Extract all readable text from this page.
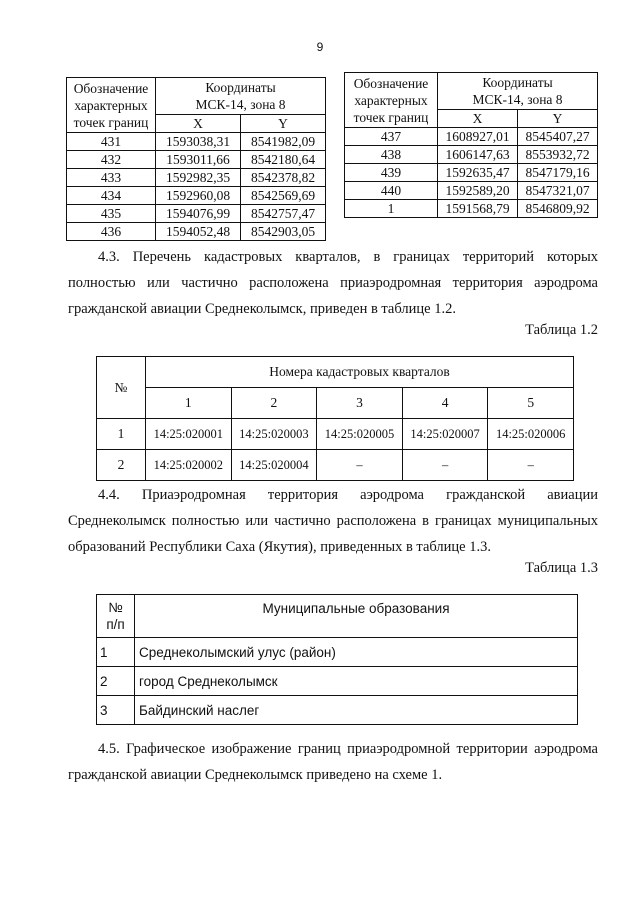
9
Обозначение
характерных
точек границ	Координаты
МСК-14, зона 8	
	X	Y
431	1593038,31	8541982,09
432	1593011,66	8542180,64
433	1592982,35	8542378,82
434	1592960,08	8542569,69
435	1594076,99	8542757,47
436	1594052,48	8542903,05
Обозначение
характерных
точек границ	Координаты
МСК-14, зона 8	
	X	Y
437	1608927,01	8545407,27
438	1606147,63	8553932,72
439	1592635,47	8547179,16
440	1592589,20	8547321,07
1	1591568,79	8546809,92
4.3. Перечень кадастровых кварталов, в границах территорий которых
полностью или частично расположена приаэродромная территория аэродрома гражданской авиации Среднеколымск, приведен в таблице 1.2.
Таблица 1.2
№	Номера кадастровых кварталов				
	1	2	3	4	5
1	14:25:020001	14:25:020003	14:25:020005	14:25:020007	14:25:020006
2	14:25:020002	14:25:020004	–	–	–
4.4. Приаэродромная территория аэродрома гражданской авиации
Среднеколымск полностью или частично расположена в границах муниципальных образований Республики Саха (Якутия), приведенных в таблице 1.3.
Таблица 1.3
№
п/п	Муниципальные образования
1	Среднеколымский улус (район)
2	город Среднеколымск
3	Байдинский наслег
4.5. Графическое изображение границ приаэродромной территории аэродрома гражданской авиации Среднеколымск приведено на схеме 1.
